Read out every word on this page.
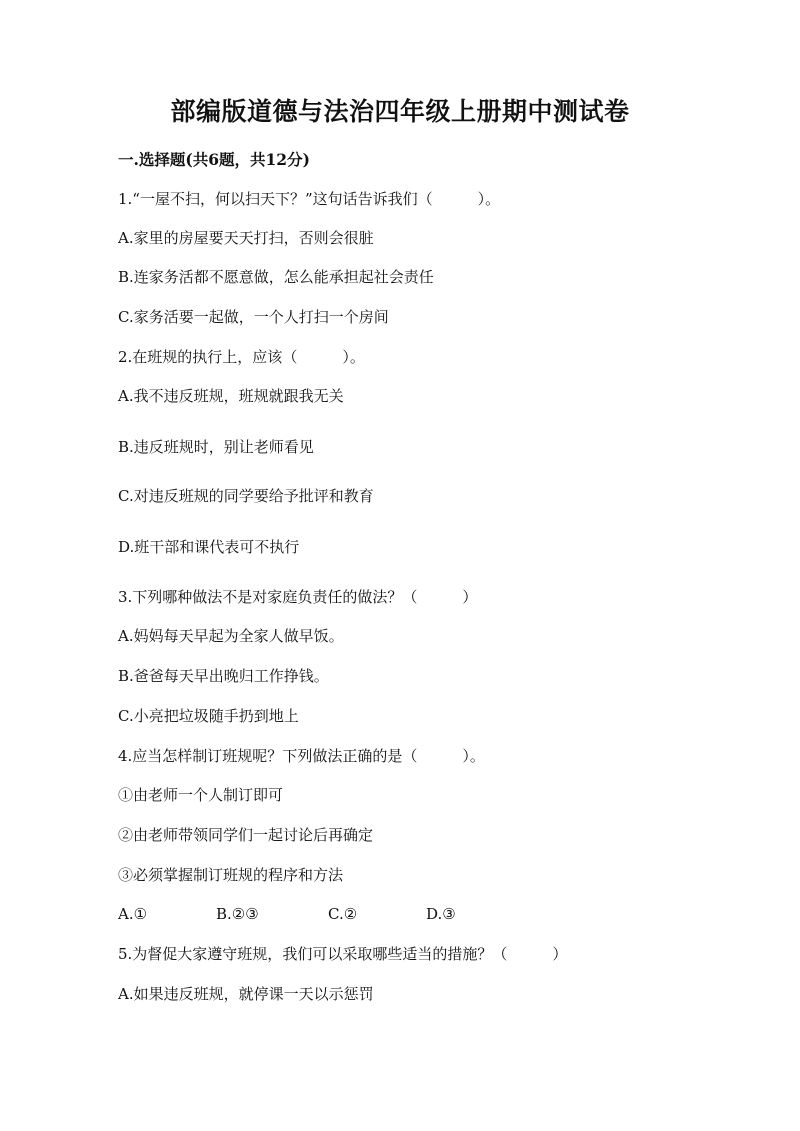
部编版道德与法治四年级上册期中测试卷
一.选择题(共6题，共12分)
1.“一屋不扫，何以扫天下？”这句话告诉我们（　　　）。
A.家里的房屋要天天打扫，否则会很脏
B.连家务活都不愿意做，怎么能承担起社会责任
C.家务活要一起做，一个人打扫一个房间
2.在班规的执行上，应该（　　　）。
A.我不违反班规，班规就跟我无关
B.违反班规时，别让老师看见
C.对违反班规的同学要给予批评和教育
D.班干部和课代表可不执行
3.下列哪种做法不是对家庭负责任的做法？（　　　）
A.妈妈每天早起为全家人做早饭。
B.爸爸每天早出晚归工作挣钱。
C.小亮把垃圾随手扔到地上
4.应当怎样制订班规呢？下列做法正确的是（　　　）。
①由老师一个人制订即可
②由老师带领同学们一起讨论后再确定
③必须掌握制订班规的程序和方法
A.①	B.②③	C.②	D.③
5.为督促大家遵守班规，我们可以采取哪些适当的措施？（　　　）
A.如果违反班规，就停课一天以示惩罚
